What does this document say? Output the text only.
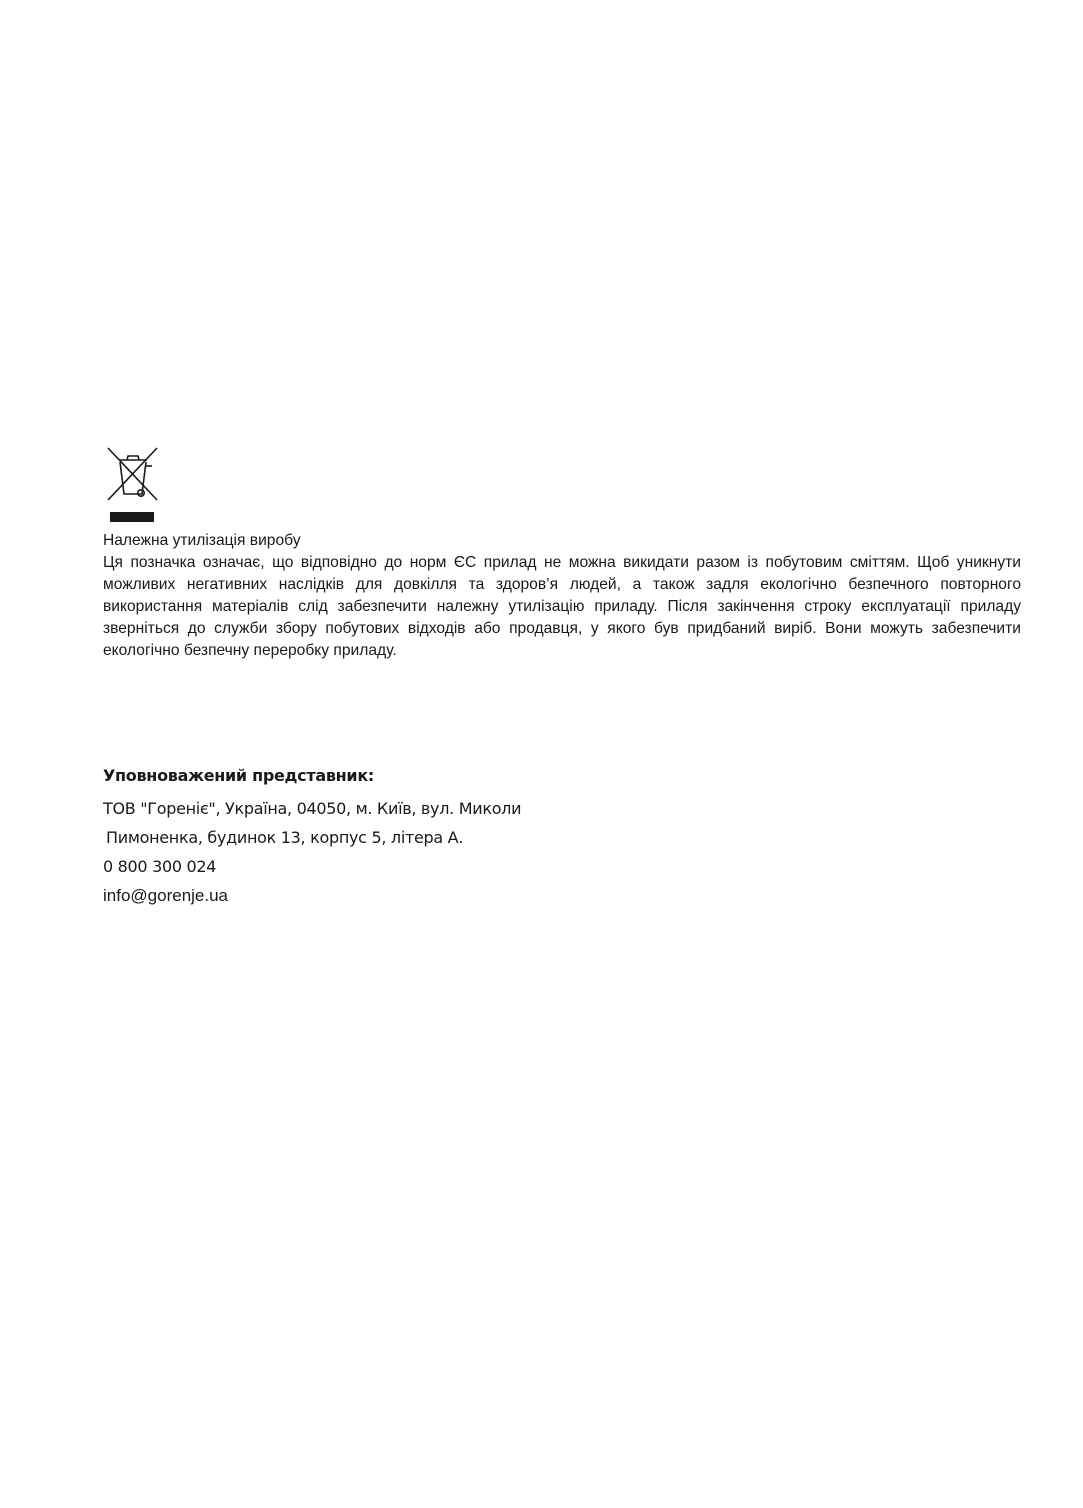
Належна утилізація виробу

Ця позначка означає, що відповідно до норм ЄС прилад не можна викидати разом із побутовим сміттям. Щоб уникнути можливих негативних наслідків для довкілля та здоров’я людей, а також задля екологічно безпечного повторного використання матеріалів слід забезпечити належну утилізацію приладу. Після закінчення строку експлуатації приладу зверніться до служби збору побутових відходів або продавця, у якого був придбаний виріб. Вони можуть забезпечити екологічно безпечну переробку приладу.

Уповноважений представник:

ТОВ "Гореніє", Україна, 04050, м. Київ, вул. Миколи

Пимоненка, будинок 13, корпус 5, літера А.

0 800 300 024

info@gorenje.ua
